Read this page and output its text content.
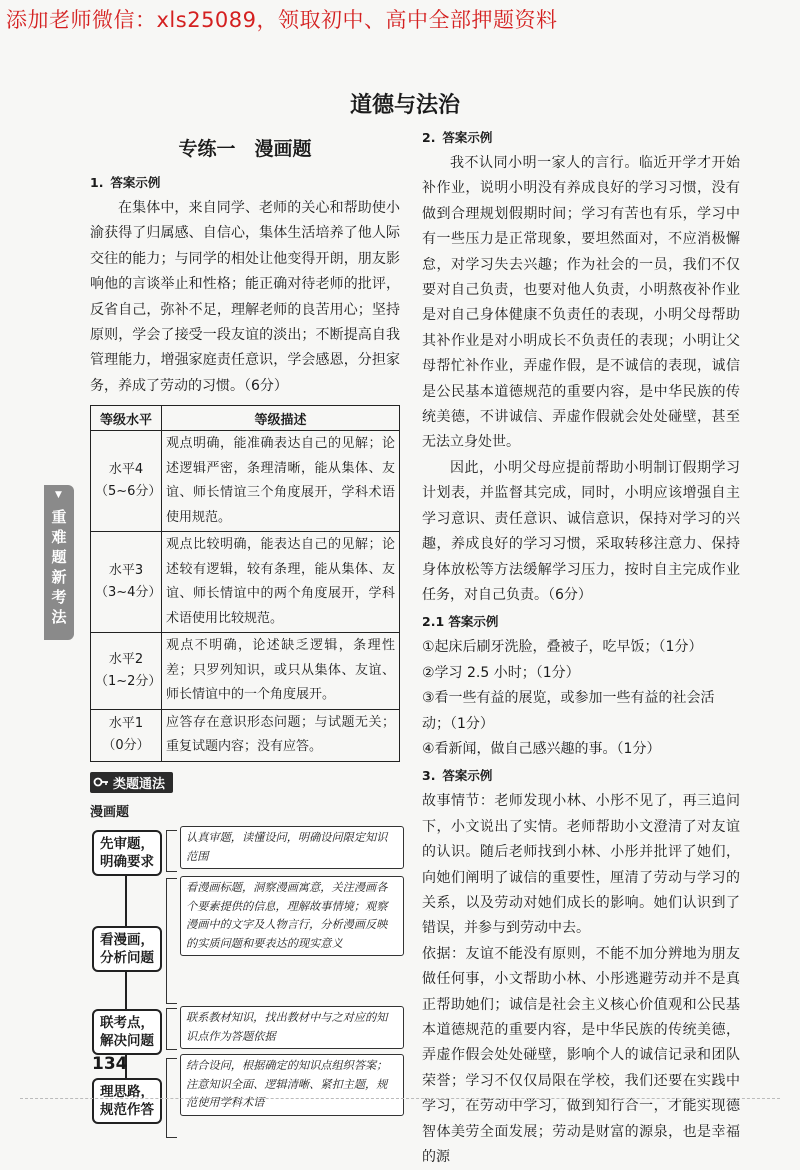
添加老师微信：xls25089，领取初中、高中全部押题资料
道德与法治
▼
重难题新考法
专练一　漫画题
1. 答案示例

在集体中，来自同学、老师的关心和帮助使小渝获得了归属感、自信心，集体生活培养了他人际交往的能力；与同学的相处让他变得开朗，朋友影响他的言谈举止和性格；能正确对待老师的批评，反省自己，弥补不足，理解老师的良苦用心；坚持原则，学会了接受一段友谊的淡出；不断提高自我管理能力，增强家庭责任意识，学会感恩，分担家务，养成了劳动的习惯。（6分）

等级水平	等级描述
水平4
（5~6分）	观点明确，能准确表达自己的见解；论述逻辑严密，条理清晰，能从集体、友谊、师长情谊三个角度展开，学科术语使用规范。
水平3
（3~4分）	观点比较明确，能表达自己的见解；论述较有逻辑，较有条理，能从集体、友谊、师长情谊中的两个角度展开，学科术语使用比较规范。
水平2
（1~2分）	观点不明确，论述缺乏逻辑，条理性差；只罗列知识，或只从集体、友谊、师长情谊中的一个角度展开。
水平1
（0分）	应答存在意识形态问题；与试题无关；重复试题内容；没有应答。
类题通法
漫画题
先审题，
明确要求
认真审题，读懂设问，明确设问限定知识范围
看漫画，
分析问题
看漫画标题，洞察漫画寓意，关注漫画各个要素提供的信息，理解故事情境；观察漫画中的文字及人物言行，分析漫画反映的实质问题和要表达的现实意义
联考点，
解决问题
联系教材知识，找出教材中与之对应的知识点作为答题依据
理思路，
规范作答
结合设问，根据确定的知识点组织答案；注意知识全面、逻辑清晰、紧扣主题，规范使用学科术语
2. 答案示例

我不认同小明一家人的言行。临近开学才开始补作业，说明小明没有养成良好的学习习惯，没有做到合理规划假期时间；学习有苦也有乐，学习中有一些压力是正常现象，要坦然面对，不应消极懈怠，对学习失去兴趣；作为社会的一员，我们不仅要对自己负责，也要对他人负责，小明熬夜补作业是对自己身体健康不负责任的表现，小明父母帮助其补作业是对小明成长不负责任的表现；小明让父母帮忙补作业，弄虚作假，是不诚信的表现，诚信是公民基本道德规范的重要内容，是中华民族的传统美德，不讲诚信、弄虚作假就会处处碰壁，甚至无法立身处世。

因此，小明父母应提前帮助小明制订假期学习计划表，并监督其完成，同时，小明应该增强自主学习意识、责任意识、诚信意识，保持对学习的兴趣，养成良好的学习习惯，采取转移注意力、保持身体放松等方法缓解学习压力，按时自主完成作业任务，对自己负责。（6分）

2.1 答案示例

①起床后刷牙洗脸，叠被子，吃早饭；（1分）

②学习 2.5 小时；（1分）

③看一些有益的展览，或参加一些有益的社会活动；（1分）

④看新闻，做自己感兴趣的事。（1分）

3. 答案示例

故事情节：老师发现小林、小彤不见了，再三追问下，小文说出了实情。老师帮助小文澄清了对友谊的认识。随后老师找到小林、小彤并批评了她们，向她们阐明了诚信的重要性，厘清了劳动与学习的关系，以及劳动对她们成长的影响。她们认识到了错误，并参与到劳动中去。

依据：友谊不能没有原则，不能不加分辨地为朋友做任何事，小文帮助小林、小彤逃避劳动并不是真正帮助她们；诚信是社会主义核心价值观和公民基本道德规范的重要内容，是中华民族的传统美德，弄虚作假会处处碰壁，影响个人的诚信记录和团队荣誉；学习不仅仅局限在学校，我们还要在实践中学习，在劳动中学习，做到知行合一，才能实现德智体美劳全面发展；劳动是财富的源泉，也是幸福的源

134
